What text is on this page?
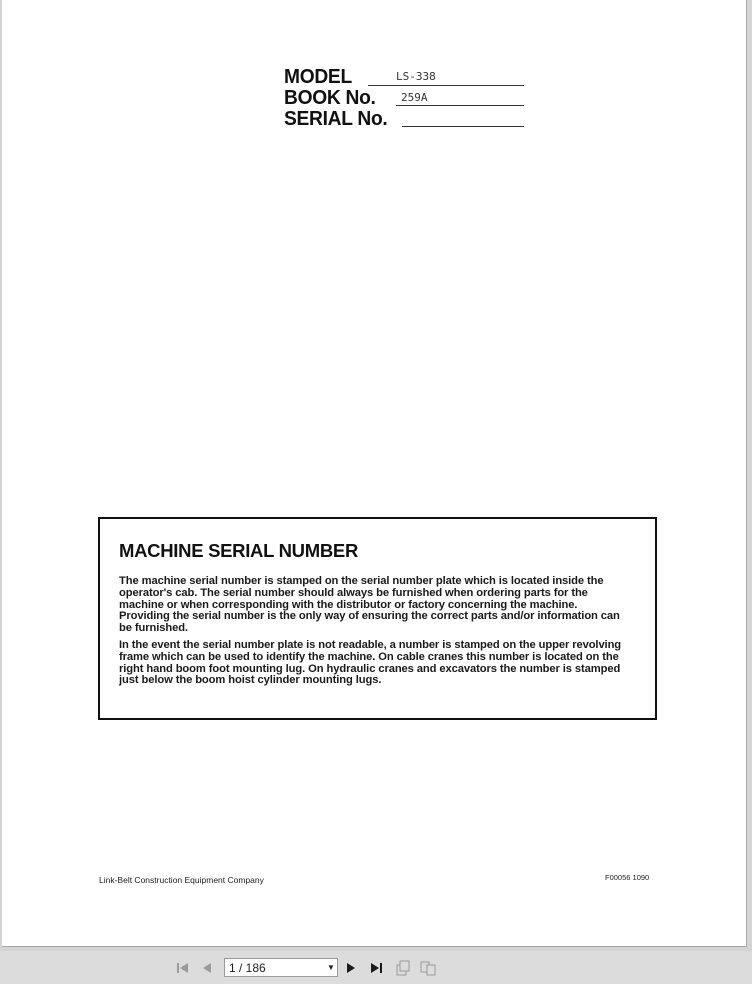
MODEL	LS-338
BOOK No. 259A
SERIAL No.
MACHINE SERIAL NUMBER

The machine serial number is stamped on the serial number plate which is located inside the operator's cab. The serial number should always be furnished when ordering parts for the machine or when corresponding with the distributor or factory concerning the machine. Providing the serial number is the only way of ensuring the correct parts and/or information can be furnished.

In the event the serial number plate is not readable, a number is stamped on the upper revolving frame which can be used to identify the machine. On cable cranes this number is located on the right hand boom foot mounting lug. On hydraulic cranes and excavators the number is stamped just below the boom hoist cylinder mounting lugs.

Link-Belt Construction Equipment Company	F00056 1090
1 / 186	▼
